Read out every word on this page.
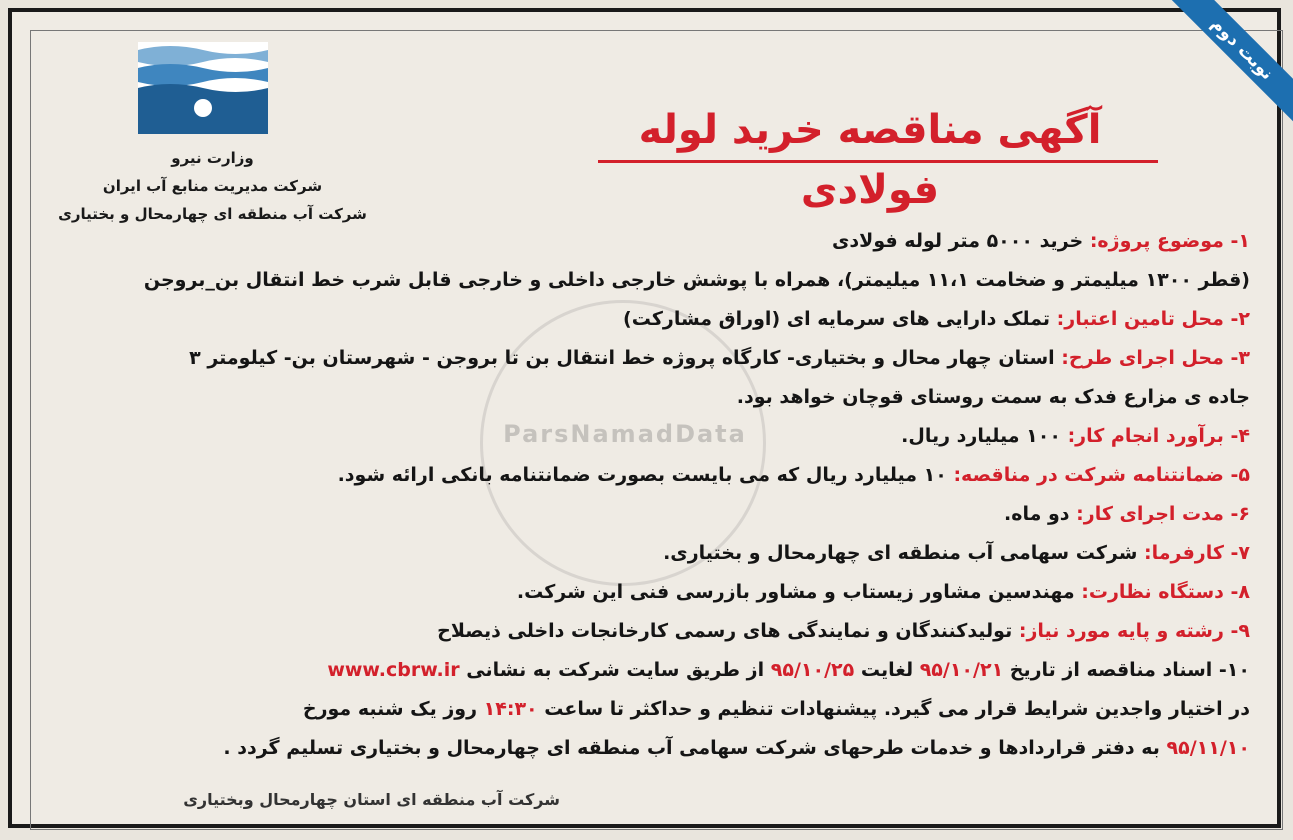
نوبت دوم
وزارت نیرو
شرکت مدیریت منابع آب ایران
شرکت آب منطقه ای چهارمحال و بختیاری
آگهی مناقصه خرید لوله فولادی
ParsNamadData
۱- موضوع پروژه: خرید ۵۰۰۰ متر لوله فولادی
(قطر ۱۳۰۰ میلیمتر و ضخامت ۱۱،۱ میلیمتر)، همراه با پوشش خارجی داخلی و خارجی قابل شرب خط انتقال بن_بروجن
۲- محل تامین اعتبار: تملک دارایی های سرمایه ای (اوراق مشارکت)
۳- محل اجرای طرح: استان چهار محال و بختیاری- کارگاه پروژه خط انتقال بن تا بروجن - شهرستان بن- کیلومتر ۳
جاده ی مزارع فدک به سمت روستای قوچان خواهد بود.
۴- برآورد انجام کار: ۱۰۰ میلیارد ریال.
۵- ضمانتنامه شرکت در مناقصه: ۱۰ میلیارد ریال که می بایست بصورت ضمانتنامه بانکی ارائه شود.
۶- مدت اجرای کار: دو ماه.
۷- کارفرما: شرکت سهامی آب منطقه ای چهارمحال و بختیاری.
۸- دستگاه نظارت: مهندسین مشاور زیستاب و مشاور بازرسی فنی این شرکت.
۹- رشته و پایه مورد نیاز: تولیدکنندگان و نمایندگی های رسمی کارخانجات داخلی ذیصلاح
۱۰- اسناد مناقصه از تاریخ ۹۵/۱۰/۲۱ لغایت ۹۵/۱۰/۲۵ از طریق سایت شرکت به نشانی www.cbrw.ir
در اختیار واجدین شرایط قرار می گیرد. پیشنهادات تنظیم و حداکثر تا ساعت ۱۴:۳۰ روز یک شنبه مورخ
۹۵/۱۱/۱۰ به دفتر قراردادها و خدمات طرحهای شرکت سهامی آب منطقه ای چهارمحال و بختیاری تسلیم گردد .
شرکت آب منطقه ای استان چهارمحال وبختیاری
